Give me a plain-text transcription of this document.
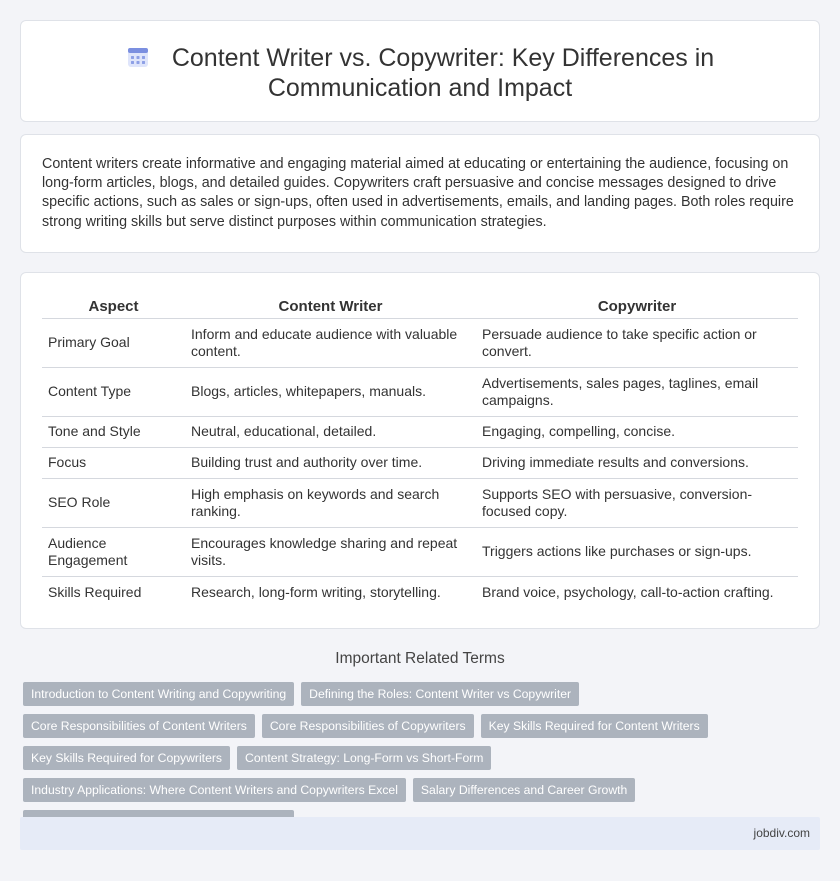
Content Writer vs. Copywriter: Key Differences in Communication and Impact

Content writers create informative and engaging material aimed at educating or entertaining the audience, focusing on long-form articles, blogs, and detailed guides. Copywriters craft persuasive and concise messages designed to drive specific actions, such as sales or sign-ups, often used in advertisements, emails, and landing pages. Both roles require strong writing skills but serve distinct purposes within communication strategies.

Aspect	Content Writer	Copywriter
Primary Goal	Inform and educate audience with valuable content.	Persuade audience to take specific action or convert.
Content Type	Blogs, articles, whitepapers, manuals.	Advertisements, sales pages, taglines, email campaigns.
Tone and Style	Neutral, educational, detailed.	Engaging, compelling, concise.
Focus	Building trust and authority over time.	Driving immediate results and conversions.
SEO Role	High emphasis on keywords and search ranking.	Supports SEO with persuasive, conversion-focused copy.
Audience Engagement	Encourages knowledge sharing and repeat visits.	Triggers actions like purchases or sign-ups.
Skills Required	Research, long-form writing, storytelling.	Brand voice, psychology, call-to-action crafting.
Important Related Terms
Introduction to Content Writing and Copywriting	Defining the Roles: Content Writer vs Copywriter
Core Responsibilities of Content Writers	Core Responsibilities of Copywriters	Key Skills Required for Content Writers
Key Skills Required for Copywriters	Content Strategy: Long-Form vs Short-Form
Industry Applications: Where Content Writers and Copywriters Excel	Salary Differences and Career Growth
jobdiv.com
